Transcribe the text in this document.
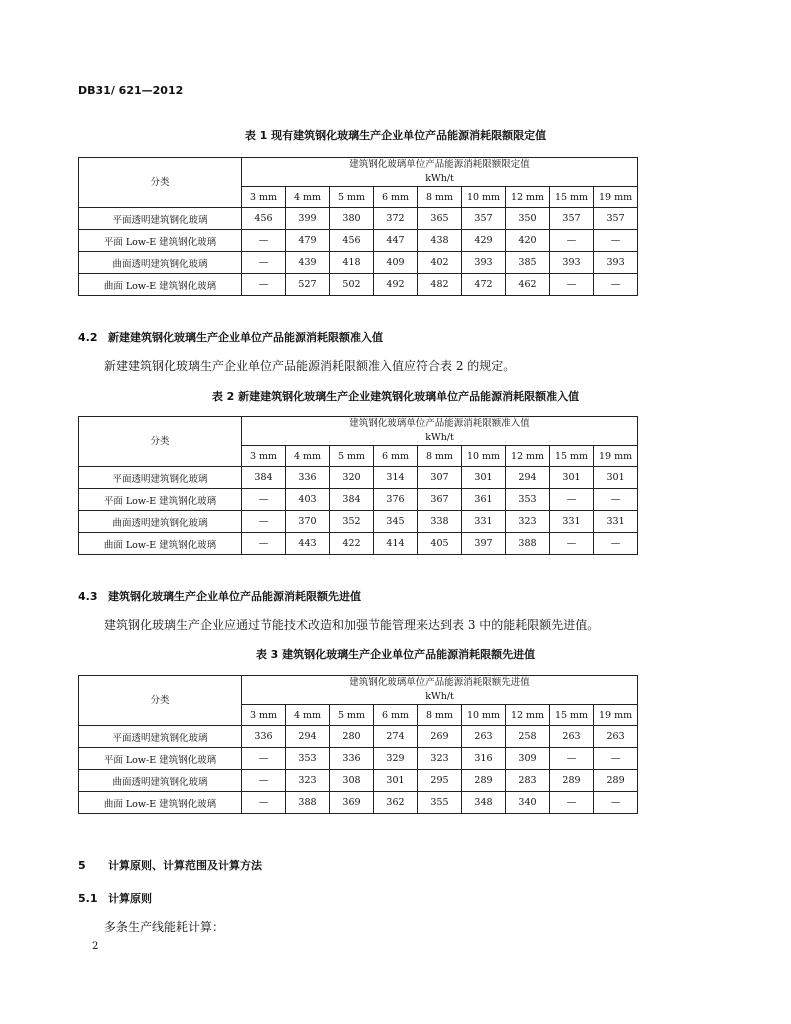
DB31/ 621—2012
表 1 现有建筑钢化玻璃生产企业单位产品能源消耗限额限定值
分类	建筑钢化玻璃单位产品能源消耗限额限定值
kWh/t								

	3 mm	4 mm	5 mm	6 mm	8 mm	10 mm	12 mm	15 mm	19 mm
平面透明建筑钢化玻璃	456	399	380	372	365	357	350	357	357
平面 Low-E 建筑钢化玻璃	—	479	456	447	438	429	420	—	—
曲面透明建筑钢化玻璃	—	439	418	409	402	393	385	393	393
曲面 Low-E 建筑钢化玻璃	—	527	502	492	482	472	462	—	—
4.2 新建建筑钢化玻璃生产企业单位产品能源消耗限额准入值
新建建筑钢化玻璃生产企业单位产品能源消耗限额准入值应符合表 2 的规定。
表 2 新建建筑钢化玻璃生产企业建筑钢化玻璃单位产品能源消耗限额准入值
分类	建筑钢化玻璃单位产品能源消耗限额准入值
kWh/t								

	3 mm	4 mm	5 mm	6 mm	8 mm	10 mm	12 mm	15 mm	19 mm
平面透明建筑钢化玻璃	384	336	320	314	307	301	294	301	301
平面 Low-E 建筑钢化玻璃	—	403	384	376	367	361	353	—	—
曲面透明建筑钢化玻璃	—	370	352	345	338	331	323	331	331
曲面 Low-E 建筑钢化玻璃	—	443	422	414	405	397	388	—	—
4.3 建筑钢化玻璃生产企业单位产品能源消耗限额先进值
建筑钢化玻璃生产企业应通过节能技术改造和加强节能管理来达到表 3 中的能耗限额先进值。
表 3 建筑钢化玻璃生产企业单位产品能源消耗限额先进值
分类	建筑钢化玻璃单位产品能源消耗限额先进值
kWh/t								

	3 mm	4 mm	5 mm	6 mm	8 mm	10 mm	12 mm	15 mm	19 mm
平面透明建筑钢化玻璃	336	294	280	274	269	263	258	263	263
平面 Low-E 建筑钢化玻璃	—	353	336	329	323	316	309	—	—
曲面透明建筑钢化玻璃	—	323	308	301	295	289	283	289	289
曲面 Low-E 建筑钢化玻璃	—	388	369	362	355	348	340	—	—
5 计算原则、计算范围及计算方法
5.1 计算原则
多条生产线能耗计算：
2
